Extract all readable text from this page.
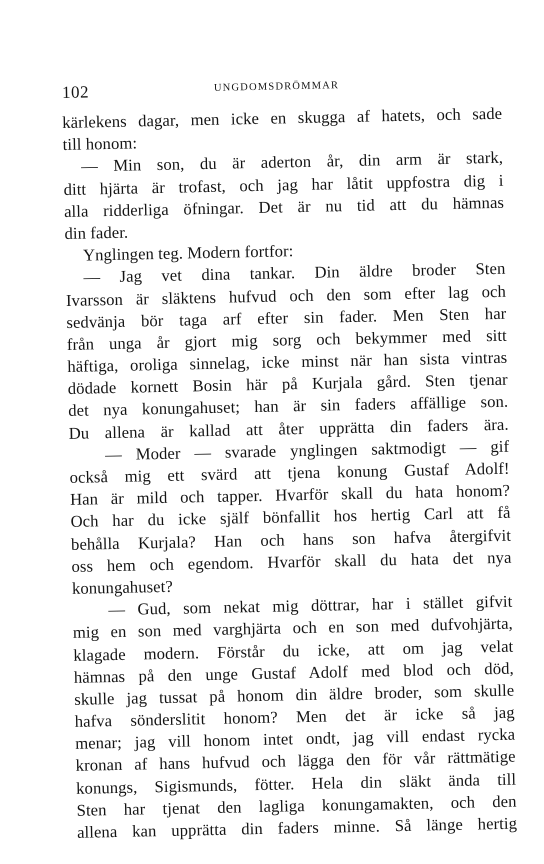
102	UNGDOMSDRÖMMAR
kärlekens dagar, men icke en skugga af hatets, och sade
till honom:
— Min son, du är aderton år, din arm är stark,
ditt hjärta är trofast, och jag har låtit uppfostra dig i
alla ridderliga öfningar. Det är nu tid att du hämnas
din fader.
Ynglingen teg. Modern fortfor:
— Jag vet dina tankar. Din äldre broder Sten
Ivarsson är släktens hufvud och den som efter lag och
sedvänja bör taga arf efter sin fader. Men Sten har
från unga år gjort mig sorg och bekymmer med sitt
häftiga, oroliga sinnelag, icke minst när han sista vintras
dödade kornett Bosin här på Kurjala gård. Sten tjenar
det nya konungahuset; han är sin faders affällige son.
Du allena är kallad att åter upprätta din faders ära.
— Moder — svarade ynglingen saktmodigt — gif
också mig ett svärd att tjena konung Gustaf Adolf!
Han är mild och tapper. Hvarför skall du hata honom?
Och har du icke själf bönfallit hos hertig Carl att få
behålla Kurjala? Han och hans son hafva återgifvit
oss hem och egendom. Hvarför skall du hata det nya
konungahuset?
— Gud, som nekat mig döttrar, har i stället gifvit
mig en son med varghjärta och en son med dufvohjärta,
klagade modern. Förstår du icke, att om jag velat
hämnas på den unge Gustaf Adolf med blod och död,
skulle jag tussat på honom din äldre broder, som skulle
hafva sönderslitit honom? Men det är icke så jag
menar; jag vill honom intet ondt, jag vill endast rycka
kronan af hans hufvud och lägga den för vår rättmätige
konungs, Sigismunds, fötter. Hela din släkt ända till
Sten har tjenat den lagliga konungamakten, och den
allena kan upprätta din faders minne. Så länge hertig
